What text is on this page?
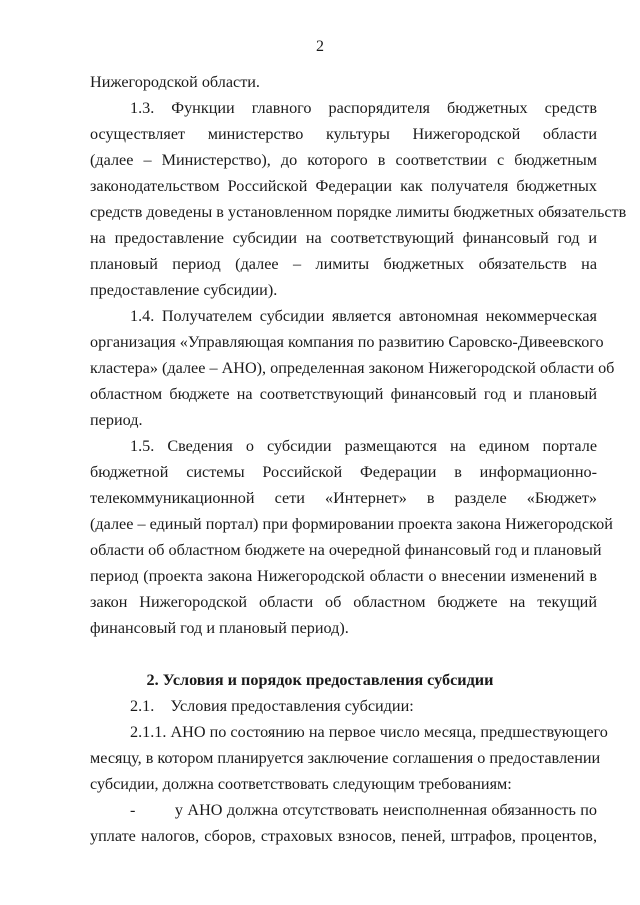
2
Нижегородской области.
1.3. Функции главного распорядителя бюджетных средств
осуществляет министерство культуры Нижегородской области
(далее – Министерство), до которого в соответствии с бюджетным
законодательством Российской Федерации как получателя бюджетных
средств доведены в установленном порядке лимиты бюджетных обязательств
на предоставление субсидии на соответствующий финансовый год и
плановый период (далее – лимиты бюджетных обязательств на
предоставление субсидии).
1.4. Получателем субсидии является автономная некоммерческая
организация «Управляющая компания по развитию Саровско-Дивеевского
кластера» (далее – АНО), определенная законом Нижегородской области об
областном бюджете на соответствующий финансовый год и плановый
период.
1.5. Сведения о субсидии размещаются на едином портале
бюджетной системы Российской Федерации в информационно-
телекоммуникационной сети «Интернет» в разделе «Бюджет»
(далее – единый портал) при формировании проекта закона Нижегородской
области об областном бюджете на очередной финансовый год и плановый
период (проекта закона Нижегородской области о внесении изменений в
закон Нижегородской области об областном бюджете на текущий
финансовый год и плановый период).
2. Условия и порядок предоставления субсидии
2.1.    Условия предоставления субсидии:
2.1.1. АНО по состоянию на первое число месяца, предшествующего
месяцу, в котором планируется заключение соглашения о предоставлении
субсидии, должна соответствовать следующим требованиям:
-         у АНО должна отсутствовать неисполненная обязанность по
уплате налогов, сборов, страховых взносов, пеней, штрафов, процентов,
